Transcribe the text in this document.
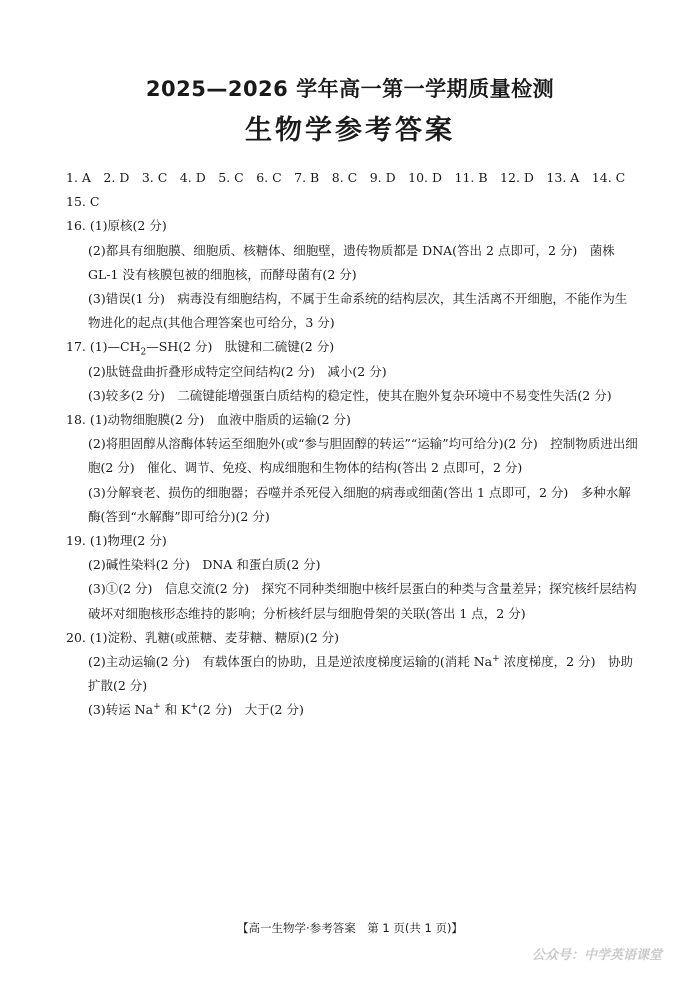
2025—2026 学年高一第一学期质量检测
生物学参考答案
1. A　2. D　3. C　4. D　5. C　6. C　7. B　8. C　9. D　10. D　11. B　12. D　13. A　14. C
15. C
16. (1)原核(2 分)
(2)都具有细胞膜、细胞质、核糖体、细胞壁，遗传物质都是 DNA(答出 2 点即可，2 分)　菌株 GL-1 没有核膜包被的细胞核，而酵母菌有(2 分)
(3)错误(1 分)　病毒没有细胞结构，不属于生命系统的结构层次，其生活离不开细胞，不能作为生物进化的起点(其他合理答案也可给分，3 分)
17. $(1)—CH_2—SH(2$ 分)　肽键和二硫键(2 分)
(2)肽链盘曲折叠形成特定空间结构(2 分)　减小(2 分)
(3)较多(2 分)　二硫键能增强蛋白质结构的稳定性，使其在胞外复杂环境中不易变性失活(2 分)
18. (1)动物细胞膜(2 分)　血液中脂质的运输(2 分)
(2)将胆固醇从溶酶体转运至细胞外(或“参与胆固醇的转运”“运输”均可给分)(2 分)　控制物质进出细胞(2 分)　催化、调节、免疫、构成细胞和生物体的结构(答出 2 点即可，2 分)
(3)分解衰老、损伤的细胞器；吞噬并杀死侵入细胞的病毒或细菌(答出 1 点即可，2 分)　多种水解酶(答到“水解酶”即可给分)(2 分)
19. (1)物理(2 分)
(2)碱性染料(2 分)　DNA 和蛋白质(2 分)
(3)①(2 分)　信息交流(2 分)　探究不同种类细胞中核纤层蛋白的种类与含量差异；探究核纤层结构破坏对细胞核形态维持的影响；分析核纤层与细胞骨架的关联(答出 1 点，2 分)
20. (1)淀粉、乳糖(或蔗糖、麦芽糖、糖原)(2 分)
(2)主动运输(2 分)　有载体蛋白的协助，且是逆浓度梯度运输的(消耗 Na+ 浓度梯度，2 分)　协助扩散(2 分)
(3)转运 Na+ 和 K+(2 分)　大于(2 分)
【高一生物学·参考答案　第 1 页(共 1 页)】
公众号：中学英语课堂
